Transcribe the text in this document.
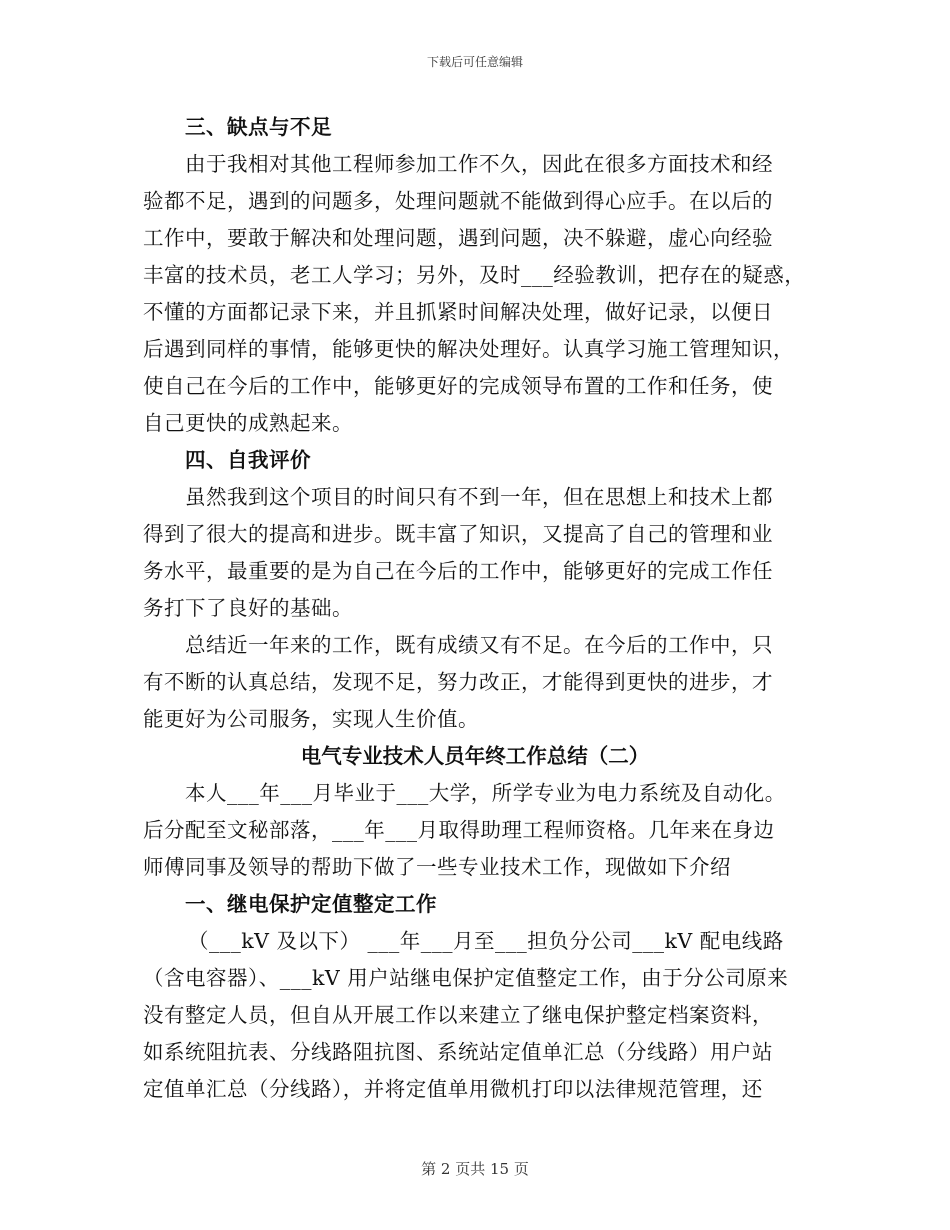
下载后可任意编辑
三、缺点与不足
由于我相对其他工程师参加工作不久，因此在很多方面技术和经
验都不足，遇到的问题多，处理问题就不能做到得心应手。在以后的
工作中，要敢于解决和处理问题，遇到问题，决不躲避，虚心向经验
丰富的技术员，老工人学习；另外，及时___经验教训，把存在的疑惑，
不懂的方面都记录下来，并且抓紧时间解决处理，做好记录，以便日
后遇到同样的事情，能够更快的解决处理好。认真学习施工管理知识，
使自己在今后的工作中，能够更好的完成领导布置的工作和任务，使
自己更快的成熟起来。
四、自我评价
虽然我到这个项目的时间只有不到一年，但在思想上和技术上都
得到了很大的提高和进步。既丰富了知识，又提高了自己的管理和业
务水平，最重要的是为自己在今后的工作中，能够更好的完成工作任
务打下了良好的基础。
总结近一年来的工作，既有成绩又有不足。在今后的工作中，只
有不断的认真总结，发现不足，努力改正，才能得到更快的进步，才
能更好为公司服务，实现人生价值。
电气专业技术人员年终工作总结（二）
本人___年___月毕业于___大学，所学专业为电力系统及自动化。
后分配至文秘部落，___年___月取得助理工程师资格。几年来在身边
师傅同事及领导的帮助下做了一些专业技术工作，现做如下介绍
一、继电保护定值整定工作
（___kV 及以下） ___年___月至___担负分公司___kV 配电线路
（含电容器）、___kV 用户站继电保护定值整定工作，由于分公司原来
没有整定人员，但自从开展工作以来建立了继电保护整定档案资料，
如系统阻抗表、分线路阻抗图、系统站定值单汇总（分线路）用户站
定值单汇总（分线路），并将定值单用微机打印以法律规范管理，还
第 2 页共 15 页
